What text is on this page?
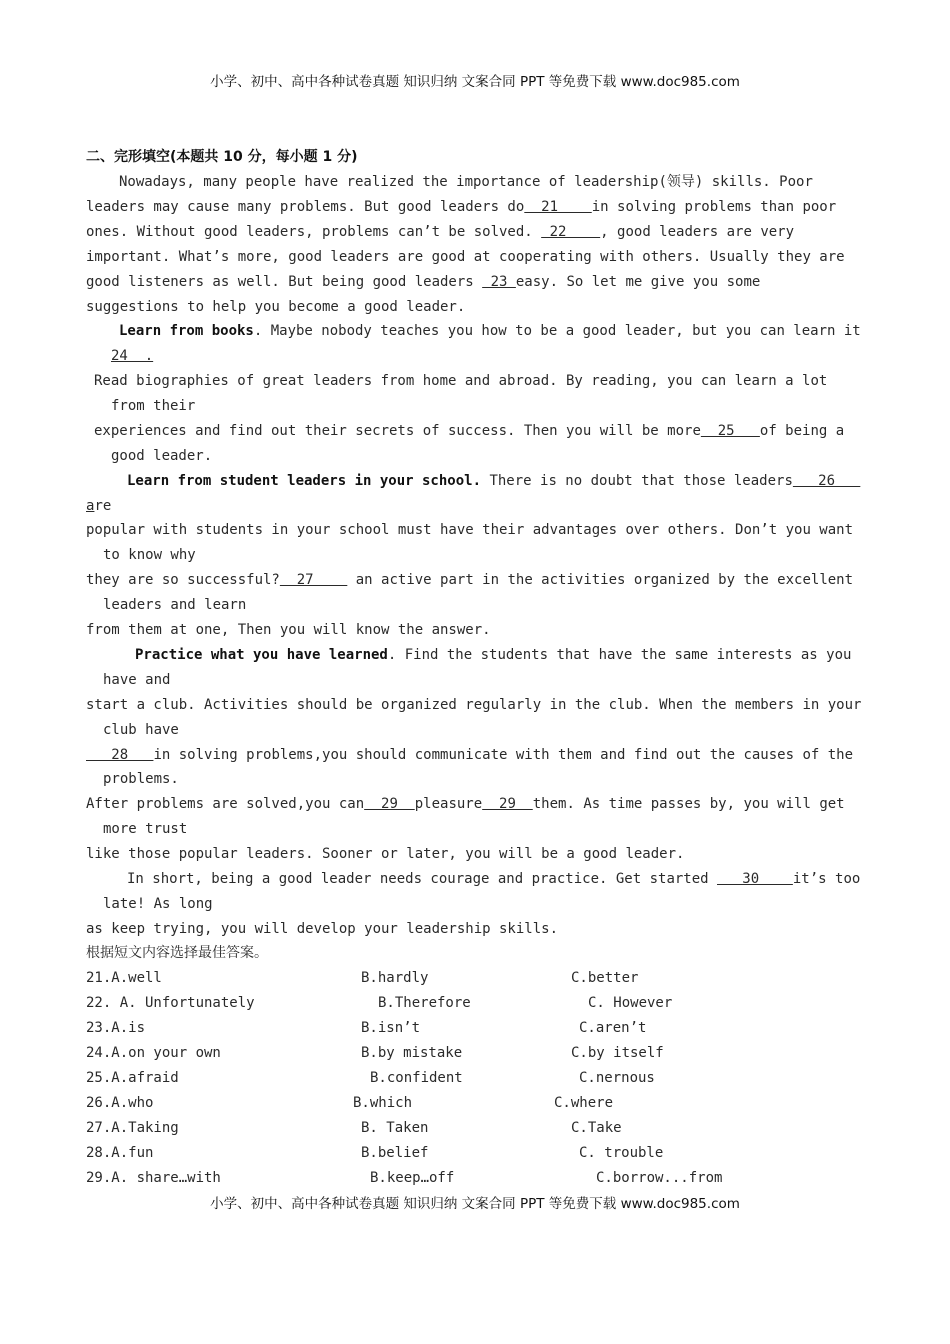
小学、初中、高中各种试卷真题 知识归纳 文案合同 PPT 等免费下载 www.doc985.com
二、完形填空(本题共 10 分，每小题 1 分)
Nowadays, many people have realized the importance of leadership(领导) skills. Poor
leaders may cause many problems. But good leaders do  21    in solving problems than poor
ones. Without good leaders, problems can’t be solved.  22    , good leaders are very
important. What’s more, good leaders are good at cooperating with others. Usually they are
good listeners as well. But being good leaders  23 easy. So let me give you some
suggestions to help you become a good leader.
Learn from books. Maybe nobody teaches you how to be a good leader, but you can learn it
24  .
Read biographies of great leaders from home and abroad. By reading, you can learn a lot
from their
experiences and find out their secrets of success. Then you will be more  25   of being a
good leader.
Learn from student leaders in your school. There is no doubt that those leaders   26
are
popular with students in your school must have their advantages over others. Don’t you want
to know why
they are so successful?  27     an active part in the activities organized by the excellent
leaders and learn
from them at one, Then you will know the answer.
Practice what you have learned. Find the students that have the same interests as you
have and
start a club. Activities should be organized regularly in the club. When the members in your
club have
28   in solving problems,you should communicate with them and find out the causes of the
problems.
After problems are solved,you can  29  pleasure  29  them. As time passes by, you will get
more trust
like those popular leaders. Sooner or later, you will be a good leader.
In short, being a good leader needs courage and practice. Get started    30    it’s too
late! As long
as keep trying, you will develop your leadership skills.
根据短文内容选择最佳答案。
21.A.well	B.hardly	C.better
22. A. Unfortunately	B.Therefore	C. However
23.A.is	B.isn’t	C.aren’t
24.A.on your own	B.by mistake	C.by itself
25.A.afraid	B.confident	C.nernous
26.A.who	B.which	C.where
27.A.Taking	B. Taken	C.Take
28.A.fun	B.belief	C. trouble
29.A. share…with	B.keep…off	C.borrow...from
小学、初中、高中各种试卷真题 知识归纳 文案合同 PPT 等免费下载 www.doc985.com
